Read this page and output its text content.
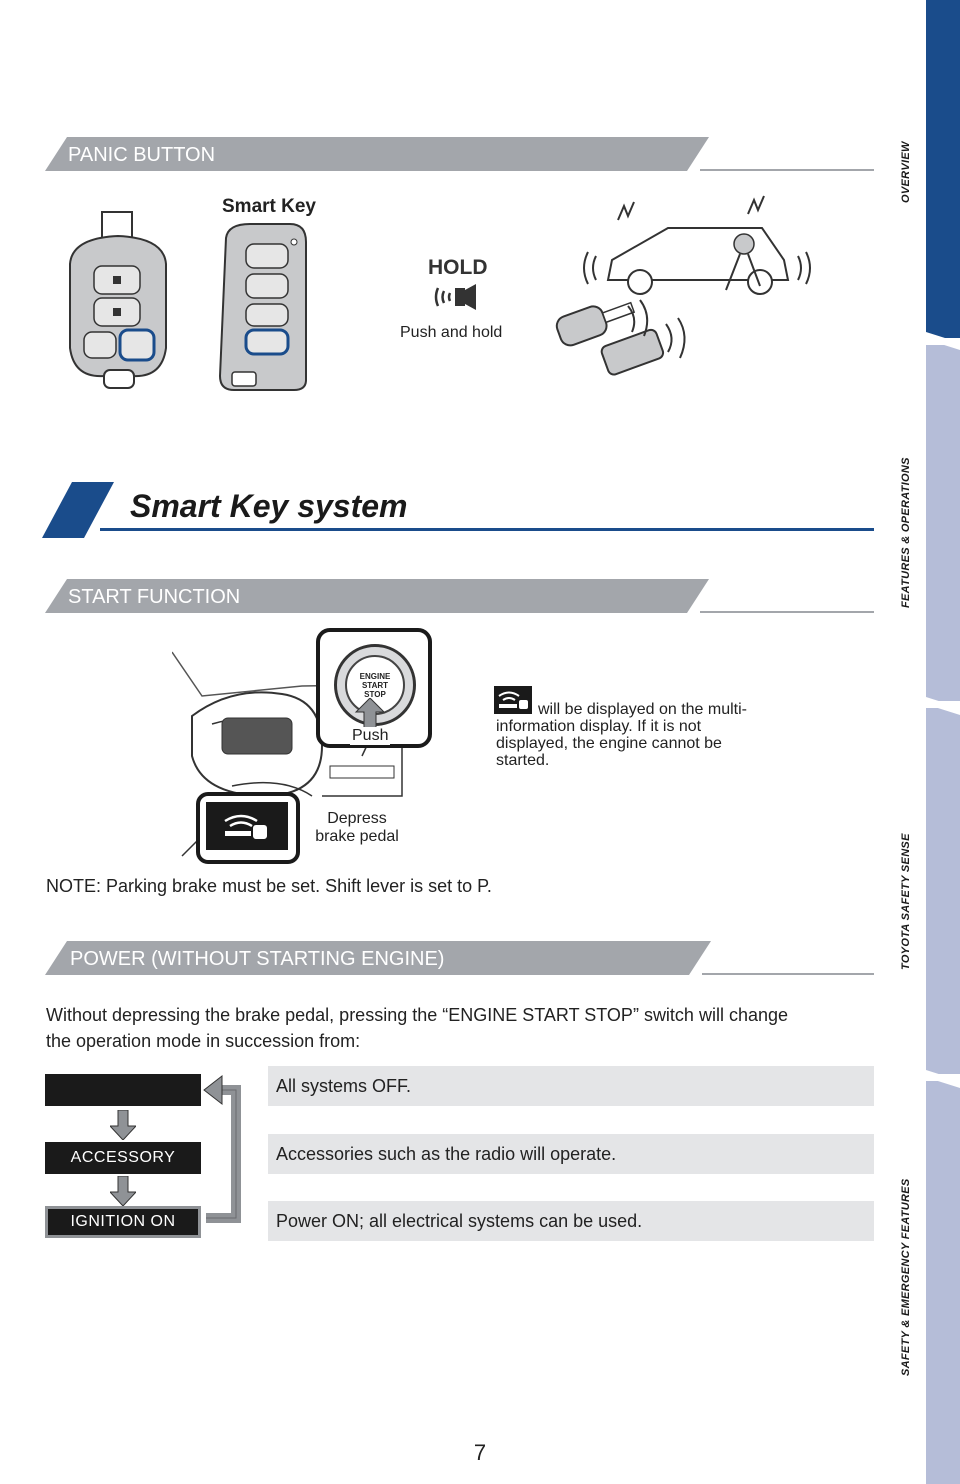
OVERVIEW
FEATURES & OPERATIONS
TOYOTA SAFETY SENSE
SAFETY & EMERGENCY FEATURES
PANIC BUTTON
Smart Key
HOLD
Push and hold
Smart Key system
START FUNCTION
ENGINE
START
STOP
Push
Depress
brake pedal
will be displayed on the multi-
information display. If it is not
displayed, the engine cannot be
started.
NOTE: Parking brake must be set. Shift lever is set to P.
POWER (WITHOUT STARTING ENGINE)
Without depressing the brake pedal, pressing the “ENGINE START STOP” switch will change
the operation mode in succession from:
ACCESSORY
IGNITION ON
All systems OFF.
Accessories such as the radio will operate.
Power ON; all electrical systems can be used.
7
